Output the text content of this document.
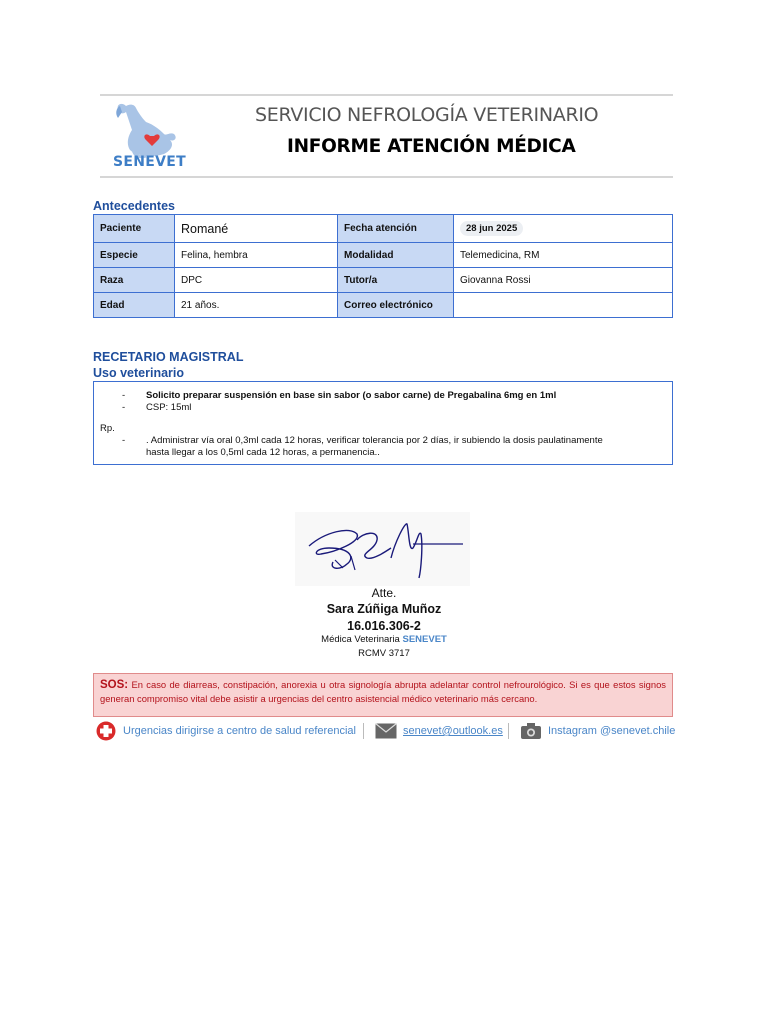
SENEVET
SERVICIO NEFROLOGÍA VETERINARIO
INFORME ATENCIÓN MÉDICA
Antecedentes
Paciente	Romané	Fecha atención	28 jun 2025
Especie	Felina, hembra	Modalidad	Telemedicina, RM
Raza	DPC	Tutor/a	Giovanna Rossi
Edad	21 años.	Correo electrónico	
RECETARIO MAGISTRAL
Uso veterinario
- Solicito preparar suspensión en base sin sabor (o sabor carne) de Pregabalina 6mg en 1ml
- CSP: 15ml
Rp.
- . Administrar vía oral 0,3ml cada 12 horas, verificar tolerancia por 2 días, ir subiendo la dosis paulatinamente
hasta llegar a los 0,5ml cada 12 horas, a permanencia..
Atte.
Sara Zúñiga Muñoz
16.016.306-2
Médica Veterinaria SENEVET
RCMV 3717
SOS: En caso de diarreas, constipación, anorexia u otra signología abrupta adelantar control nefrourológico. Si es que estos signos generan compromiso vital debe asistir a urgencias del centro asistencial médico veterinario más cercano.
Urgencias dirigirse a centro de salud referencial	senevet@outlook.es	Instagram @senevet.chile
